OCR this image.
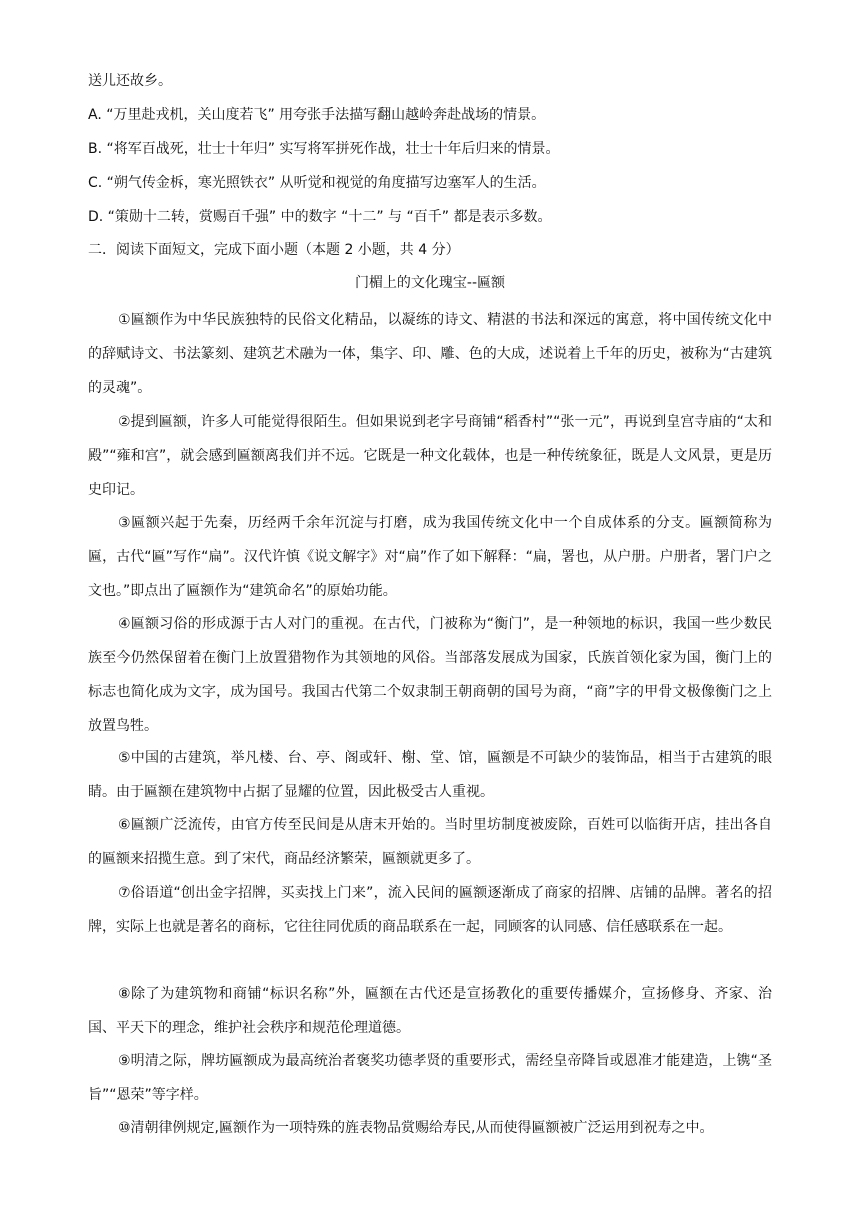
送儿还故乡。
A. “万里赴戎机，关山度若飞” 用夸张手法描写翻山越岭奔赴战场的情景。
B. “将军百战死，壮士十年归” 实写将军拼死作战，壮士十年后归来的情景。
C. “朔气传金柝，寒光照铁衣” 从听觉和视觉的角度描写边塞军人的生活。
D. “策勋十二转，赏赐百千强” 中的数字 “十二” 与 “百千” 都是表示多数。
二．阅读下面短文，完成下面小题（本题 2 小题，共 4 分）
门楣上的文化瑰宝--匾额

①匾额作为中华民族独特的民俗文化精品，以凝练的诗文、精湛的书法和深远的寓意，将中国传统文化中的辞赋诗文、书法篆刻、建筑艺术融为一体，集字、印、雕、色的大成，述说着上千年的历史，被称为“古建筑的灵魂”。

②提到匾额，许多人可能觉得很陌生。但如果说到老字号商铺“稻香村”“张一元”，再说到皇宫寺庙的“太和殿”“雍和宫”，就会感到匾额离我们并不远。它既是一种文化载体，也是一种传统象征，既是人文风景，更是历史印记。

③匾额兴起于先秦，历经两千余年沉淀与打磨，成为我国传统文化中一个自成体系的分支。匾额简称为匾，古代“匾”写作“扁”。汉代许慎《说文解字》对“扁”作了如下解释：“扁，署也，从户册。户册者，署门户之文也。”即点出了匾额作为“建筑命名”的原始功能。

④匾额习俗的形成源于古人对门的重视。在古代，门被称为“衡门”，是一种领地的标识，我国一些少数民族至今仍然保留着在衡门上放置猎物作为其领地的风俗。当部落发展成为国家，氏族首领化家为国，衡门上的标志也简化成为文字，成为国号。我国古代第二个奴隶制王朝商朝的国号为商，“商”字的甲骨文极像衡门之上放置鸟牲。

⑤中国的古建筑，举凡楼、台、亭、阁或轩、榭、堂、馆，匾额是不可缺少的装饰品，相当于古建筑的眼睛。由于匾额在建筑物中占据了显耀的位置，因此极受古人重视。

⑥匾额广泛流传，由官方传至民间是从唐末开始的。当时里坊制度被废除，百姓可以临街开店，挂出各自的匾额来招揽生意。到了宋代，商品经济繁荣，匾额就更多了。

⑦俗语道“创出金字招牌，买卖找上门来”，流入民间的匾额逐渐成了商家的招牌、店铺的品牌。著名的招牌，实际上也就是著名的商标，它往往同优质的商品联系在一起，同顾客的认同感、信任感联系在一起。

⑧除了为建筑物和商铺“标识名称”外，匾额在古代还是宣扬教化的重要传播媒介，宣扬修身、齐家、治国、平天下的理念，维护社会秩序和规范伦理道德。

⑨明清之际，牌坊匾额成为最高统治者褒奖功德孝贤的重要形式，需经皇帝降旨或恩准才能建造，上镌“圣旨”“恩荣”等字样。

⑩清朝律例规定,匾额作为一项特殊的旌表物品赏赐给寿民,从而使得匾额被广泛运用到祝寿之中。
